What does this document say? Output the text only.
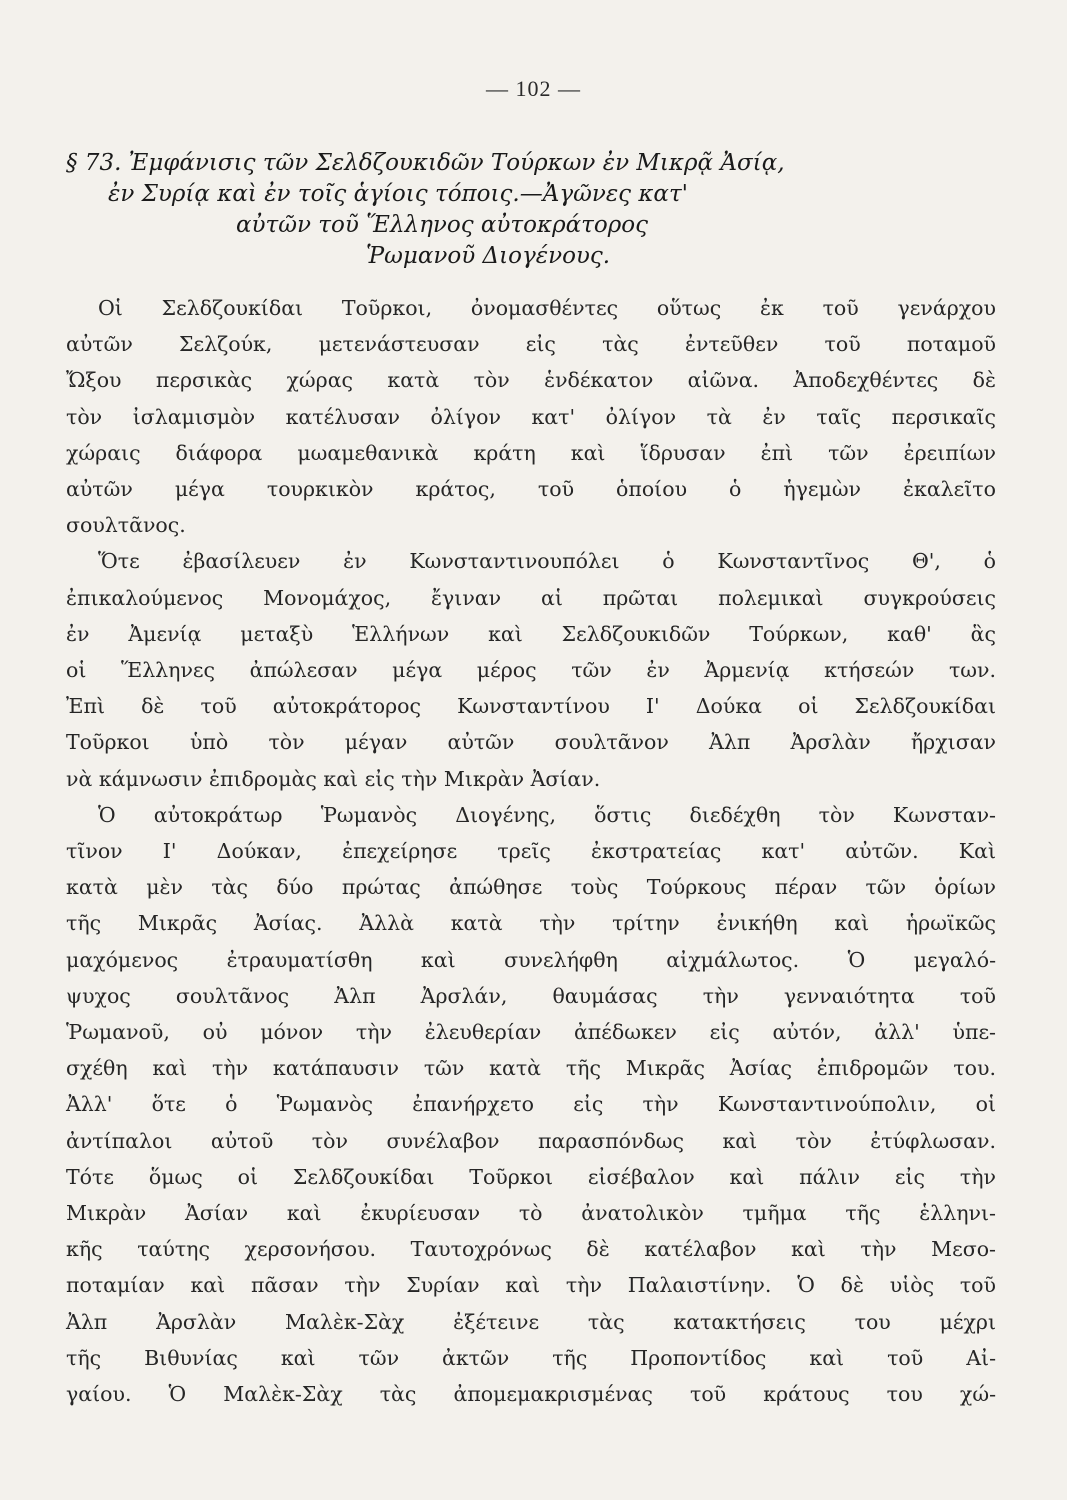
— 102 —
§ 73. Ἐμφάνισις τῶν Σελδζουκιδῶν Τούρκων ἐν Μικρᾷ Ἀσίᾳ,
ἐν Συρίᾳ καὶ ἐν τοῖς ἁγίοις τόποις.—Ἀγῶνες κατ'
αὐτῶν τοῦ Ἕλληνος αὐτοκράτορος
Ῥωμανοῦ Διογένους.
Οἱ Σελδζουκίδαι Τοῦρκοι, ὀνομασθέντες οὕτως ἐκ τοῦ γενάρχου
αὐτῶν Σελζούκ, μετενάστευσαν εἰς τὰς ἐντεῦθεν τοῦ ποταμοῦ
Ὤξου περσικὰς χώρας κατὰ τὸν ἑνδέκατον αἰῶνα. Ἀποδεχθέντες δὲ
τὸν ἰσλαμισμὸν κατέλυσαν ὀλίγον κατ' ὀλίγον τὰ ἐν ταῖς περσικαῖς
χώραις διάφορα μωαμεθανικὰ κράτη καὶ ἵδρυσαν ἐπὶ τῶν ἐρειπίων
αὐτῶν μέγα τουρκικὸν κράτος, τοῦ ὁποίου ὁ ἡγεμὼν ἐκαλεῖτο
σουλτᾶνος.
Ὅτε ἐβασίλευεν ἐν Κωνσταντινουπόλει ὁ Κωνσταντῖνος Θ', ὁ
ἐπικαλούμενος Μονομάχος, ἔγιναν αἱ πρῶται πολεμικαὶ συγκρούσεις
ἐν Ἀμενίᾳ μεταξὺ Ἑλλήνων καὶ Σελδζουκιδῶν Τούρκων, καθ' ἃς
οἱ Ἕλληνες ἀπώλεσαν μέγα μέρος τῶν ἐν Ἀρμενίᾳ κτήσεών των.
Ἐπὶ δὲ τοῦ αὐτοκράτορος Κωνσταντίνου Ι' Δούκα οἱ Σελδζουκίδαι
Τοῦρκοι ὑπὸ τὸν μέγαν αὐτῶν σουλτᾶνον Ἀλπ Ἀρσλὰν ἤρχισαν
νὰ κάμνωσιν ἐπιδρομὰς καὶ εἰς τὴν Μικρὰν Ἀσίαν.
Ὁ αὐτοκράτωρ Ῥωμανὸς Διογένης, ὅστις διεδέχθη τὸν Κωνσταν-
τῖνον Ι' Δούκαν, ἐπεχείρησε τρεῖς ἐκστρατείας κατ' αὐτῶν. Καὶ
κατὰ μὲν τὰς δύο πρώτας ἀπώθησε τοὺς Τούρκους πέραν τῶν ὁρίων
τῆς Μικρᾶς Ἀσίας. Ἀλλὰ κατὰ τὴν τρίτην ἐνικήθη καὶ ἡρωϊκῶς
μαχόμενος ἐτραυματίσθη καὶ συνελήφθη αἰχμάλωτος. Ὁ μεγαλό-
ψυχος σουλτᾶνος Ἀλπ Ἀρσλάν, θαυμάσας τὴν γενναιότητα τοῦ
Ῥωμανοῦ, οὐ μόνον τὴν ἐλευθερίαν ἀπέδωκεν εἰς αὐτόν, ἀλλ' ὑπε-
σχέθη καὶ τὴν κατάπαυσιν τῶν κατὰ τῆς Μικρᾶς Ἀσίας ἐπιδρομῶν του.
Ἀλλ' ὅτε ὁ Ῥωμανὸς ἐπανήρχετο εἰς τὴν Κωνσταντινούπολιν, οἱ
ἀντίπαλοι αὐτοῦ τὸν συνέλαβον παρασπόνδως καὶ τὸν ἐτύφλωσαν.
Τότε ὅμως οἱ Σελδζουκίδαι Τοῦρκοι εἰσέβαλον καὶ πάλιν εἰς τὴν
Μικρὰν Ἀσίαν καὶ ἐκυρίευσαν τὸ ἀνατολικὸν τμῆμα τῆς ἑλληνι-
κῆς ταύτης χερσονήσου. Ταυτοχρόνως δὲ κατέλαβον καὶ τὴν Μεσο-
ποταμίαν καὶ πᾶσαν τὴν Συρίαν καὶ τὴν Παλαιστίνην. Ὁ δὲ υἱὸς τοῦ
Ἀλπ Ἀρσλὰν Μαλὲκ-Σὰχ ἐξέτεινε τὰς κατακτήσεις του μέχρι
τῆς Βιθυνίας καὶ τῶν ἀκτῶν τῆς Προποντίδος καὶ τοῦ Αἰ-
γαίου. Ὁ Μαλὲκ-Σὰχ τὰς ἀπομεμακρισμένας τοῦ κράτους του χώ-
